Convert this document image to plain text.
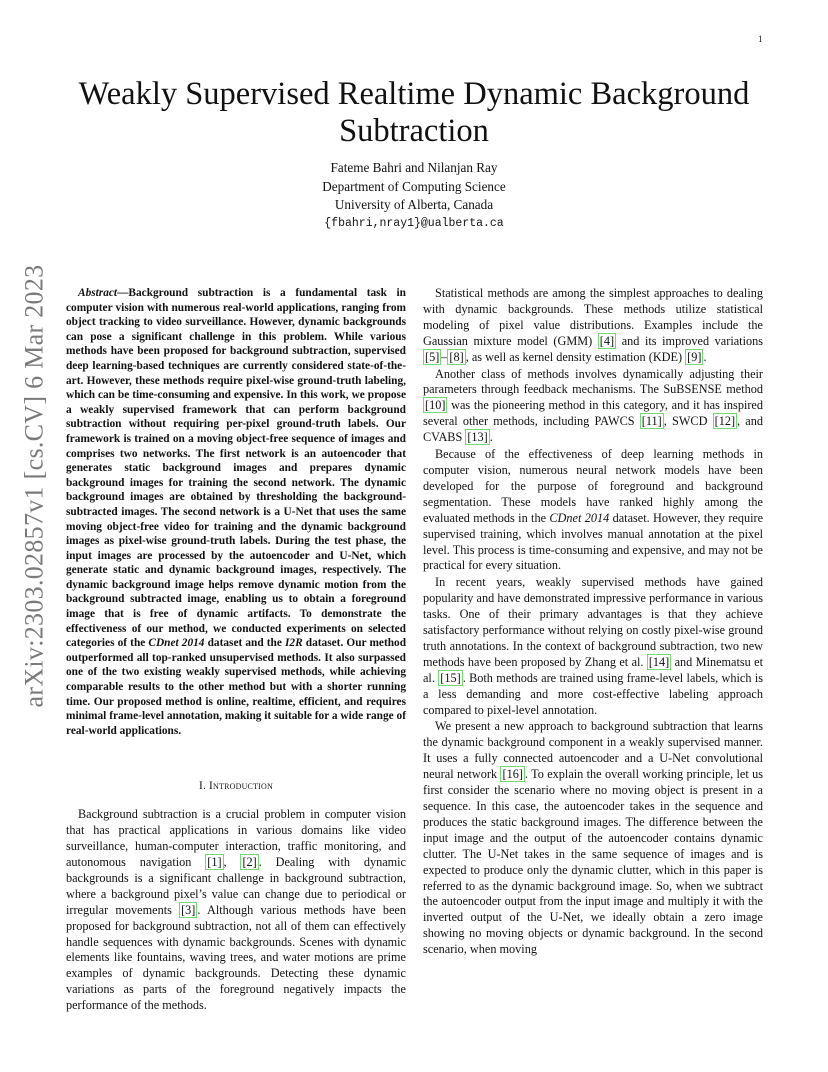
1
arXiv:2303.02857v1 [cs.CV] 6 Mar 2023
Weakly Supervised Realtime Dynamic Background Subtraction
Fateme Bahri and Nilanjan Ray
Department of Computing Science
University of Alberta, Canada
{fbahri,nray1}@ualberta.ca

Abstract—Background subtraction is a fundamental task in computer vision with numerous real-world applications, ranging from object tracking to video surveillance. However, dynamic backgrounds can pose a significant challenge in this problem. While various methods have been proposed for background subtraction, supervised deep learning-based techniques are currently considered state-of-the-art. However, these methods require pixel-wise ground-truth labeling, which can be time-consuming and expensive. In this work, we propose a weakly supervised framework that can perform background subtraction without requiring per-pixel ground-truth labels. Our framework is trained on a moving object-free sequence of images and comprises two networks. The first network is an autoencoder that generates static background images and prepares dynamic background images for training the second network. The dynamic background images are obtained by thresholding the background-subtracted images. The second network is a U-Net that uses the same moving object-free video for training and the dynamic background images as pixel-wise ground-truth labels. During the test phase, the input images are processed by the autoencoder and U-Net, which generate static and dynamic background images, respectively. The dynamic background image helps remove dynamic motion from the background subtracted image, enabling us to obtain a foreground image that is free of dynamic artifacts. To demonstrate the effectiveness of our method, we conducted experiments on selected categories of the CDnet 2014 dataset and the I2R dataset. Our method outperformed all top-ranked unsupervised methods. It also surpassed one of the two existing weakly supervised methods, while achieving comparable results to the other method but with a shorter running time. Our proposed method is online, realtime, efficient, and requires minimal frame-level annotation, making it suitable for a wide range of real-world applications.

I. Introduction

Background subtraction is a crucial problem in computer vision that has practical applications in various domains like video surveillance, human-computer interaction, traffic monitoring, and autonomous navigation [1] , [2] . Dealing with dynamic backgrounds is a significant challenge in background subtraction, where a background pixel’s value can change due to periodical or irregular movements [3] . Although various methods have been proposed for background subtraction, not all of them can effectively handle sequences with dynamic backgrounds. Scenes with dynamic elements like fountains, waving trees, and water motions are prime examples of dynamic backgrounds. Detecting these dynamic variations as parts of the foreground negatively impacts the performance of the methods.

Statistical methods are among the simplest approaches to dealing with dynamic backgrounds. These methods utilize statistical modeling of pixel value distributions. Examples include the Gaussian mixture model (GMM) [4] and its improved variations [5] – [8] , as well as kernel density estimation (KDE) [9] .

Another class of methods involves dynamically adjusting their parameters through feedback mechanisms. The SuBSENSE method [10] was the pioneering method in this category, and it has inspired several other methods, including PAWCS [11] , SWCD [12] , and CVABS [13] .

Because of the effectiveness of deep learning methods in computer vision, numerous neural network models have been developed for the purpose of foreground and background segmentation. These models have ranked highly among the evaluated methods in the CDnet 2014 dataset. However, they require supervised training, which involves manual annotation at the pixel level. This process is time-consuming and expensive, and may not be practical for every situation.

In recent years, weakly supervised methods have gained popularity and have demonstrated impressive performance in various tasks. One of their primary advantages is that they achieve satisfactory performance without relying on costly pixel-wise ground truth annotations. In the context of background subtraction, two new methods have been proposed by Zhang et al. [14] and Minematsu et al. [15] . Both methods are trained using frame-level labels, which is a less demanding and more cost-effective labeling approach compared to pixel-level annotation.

We present a new approach to background subtraction that learns the dynamic background component in a weakly supervised manner. It uses a fully connected autoencoder and a U-Net convolutional neural network [16] . To explain the overall working principle, let us first consider the scenario where no moving object is present in a sequence. In this case, the autoencoder takes in the sequence and produces the static background images. The difference between the input image and the output of the autoencoder contains dynamic clutter. The U-Net takes in the same sequence of images and is expected to produce only the dynamic clutter, which in this paper is referred to as the dynamic background image. So, when we subtract the autoencoder output from the input image and multiply it with the inverted output of the U-Net, we ideally obtain a zero image showing no moving objects or dynamic background. In the second scenario, when moving
